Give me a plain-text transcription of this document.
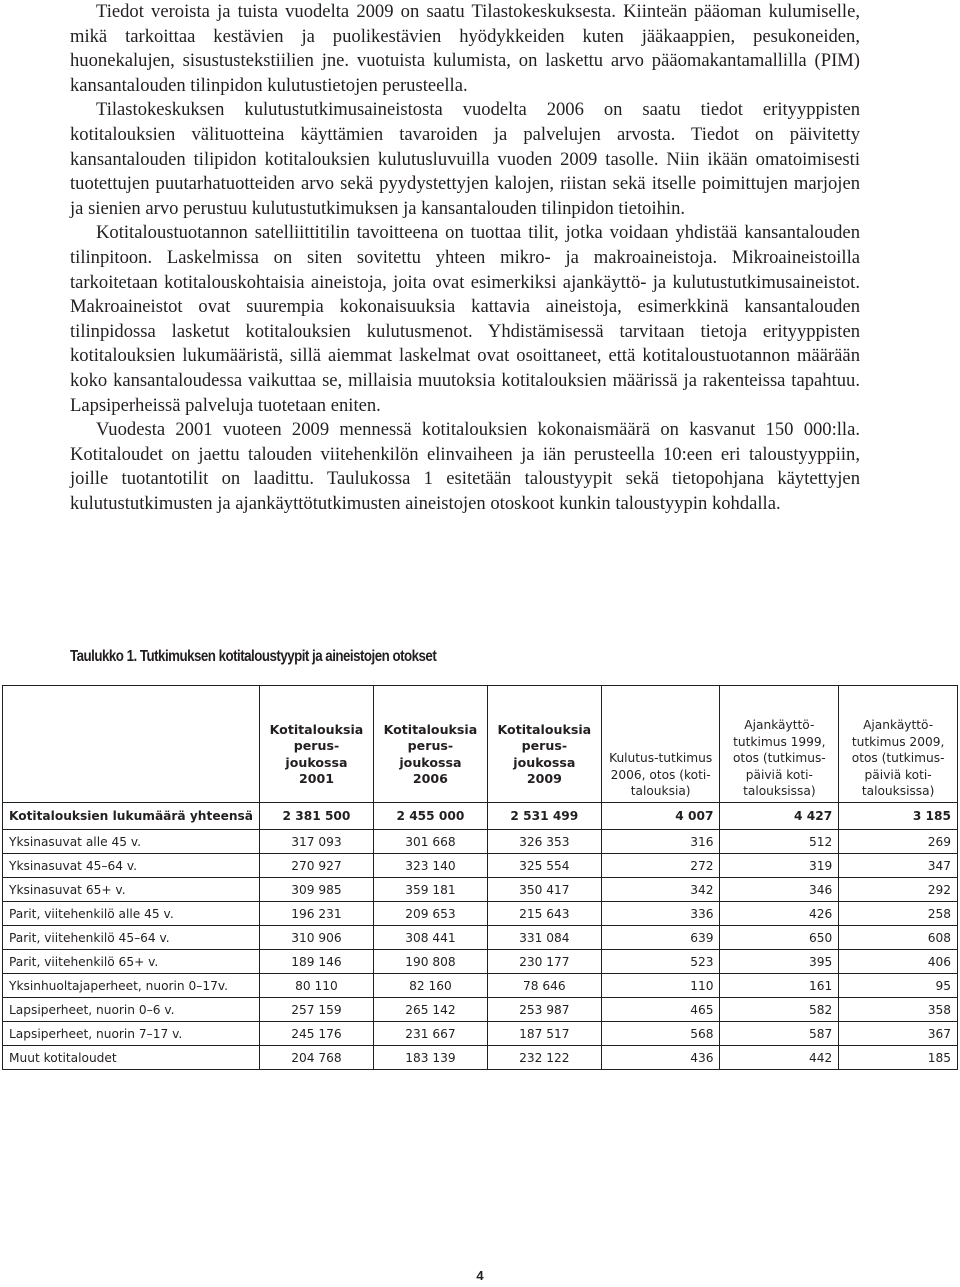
Tiedot veroista ja tuista vuodelta 2009 on saatu Tilastokeskuksesta. Kiinteän pääoman kulumiselle, mikä tarkoittaa kestävien ja puolikestävien hyödykkeiden kuten jääkaappien, pesukoneiden, huonekalujen, sisustustekstiilien jne. vuotuista kulumista, on laskettu arvo pääomakantamallilla (PIM) kansantalouden tilinpidon kulutustietojen perusteella.

Tilastokeskuksen kulutustutkimusaineistosta vuodelta 2006 on saatu tiedot erityyppisten kotitalouksien välituotteina käyttämien tavaroiden ja palvelujen arvosta. Tiedot on päivitetty kansantalouden tilipidon kotitalouksien kulutusluvuilla vuoden 2009 tasolle. Niin ikään omatoimisesti tuotettujen puutarhatuotteiden arvo sekä pyydystettyjen kalojen, riistan sekä itselle poimittujen marjojen ja sienien arvo perustuu kulutustutkimuksen ja kansantalouden tilinpidon tietoihin.

Kotitaloustuotannon satelliittitilin tavoitteena on tuottaa tilit, jotka voidaan yhdistää kansantalouden tilinpitoon. Laskelmissa on siten sovitettu yhteen mikro- ja makroaineistoja. Mikroaineistoilla tarkoitetaan kotitalouskohtaisia aineistoja, joita ovat esimerkiksi ajankäyttö- ja kulutustutkimusaineistot. Makroaineistot ovat suurempia kokonaisuuksia kattavia aineistoja, esimerkkinä kansantalouden tilinpidossa lasketut kotitalouksien kulutusmenot. Yhdistämisessä tarvitaan tietoja erityyppisten kotitalouksien lukumääristä, sillä aiemmat laskelmat ovat osoittaneet, että kotitaloustuotannon määrään koko kansantaloudessa vaikuttaa se, millaisia muutoksia kotitalouksien määrissä ja rakenteissa tapahtuu. Lapsiperheissä palveluja tuotetaan eniten.

Vuodesta 2001 vuoteen 2009 mennessä kotitalouksien kokonaismäärä on kasvanut 150 000:lla. Kotitaloudet on jaettu talouden viitehenkilön elinvaiheen ja iän perusteella 10:een eri taloustyyppiin, joille tuotantotilit on laadittu. Taulukossa 1 esitetään taloustyypit sekä tietopohjana käytettyjen kulutustutkimusten ja ajankäyttötutkimusten aineistojen otoskoot kunkin taloustyypin kohdalla.

Taulukko 1. Tutkimuksen kotitaloustyypit ja aineistojen otokset
	Kotitalouksia perus-joukossa 2001	Kotitalouksia perus-joukossa 2006	Kotitalouksia perus-joukossa 2009	Kulutus-tutkimus 2006, otos (koti-talouksia)	Ajankäyttö-tutkimus 1999, otos (tutkimus-päiviä koti-talouksissa)	Ajankäyttö-tutkimus 2009, otos (tutkimus-päiviä koti-talouksissa)
Kotitalouksien lukumäärä yhteensä	2 381 500	2 455 000	2 531 499	4 007	4 427	3 185
Yksinasuvat alle 45 v.	317 093	301 668	326 353	316	512	269
Yksinasuvat 45–64 v.	270 927	323 140	325 554	272	319	347
Yksinasuvat 65+ v.	309 985	359 181	350 417	342	346	292
Parit, viitehenkilö alle 45 v.	196 231	209 653	215 643	336	426	258
Parit, viitehenkilö 45–64 v.	310 906	308 441	331 084	639	650	608
Parit, viitehenkilö 65+ v.	189 146	190 808	230 177	523	395	406
Yksinhuoltajaperheet, nuorin 0–17v.	80 110	82 160	78 646	110	161	95
Lapsiperheet, nuorin 0–6 v.	257 159	265 142	253 987	465	582	358
Lapsiperheet, nuorin 7–17 v.	245 176	231 667	187 517	568	587	367
Muut kotitaloudet	204 768	183 139	232 122	436	442	185
4
